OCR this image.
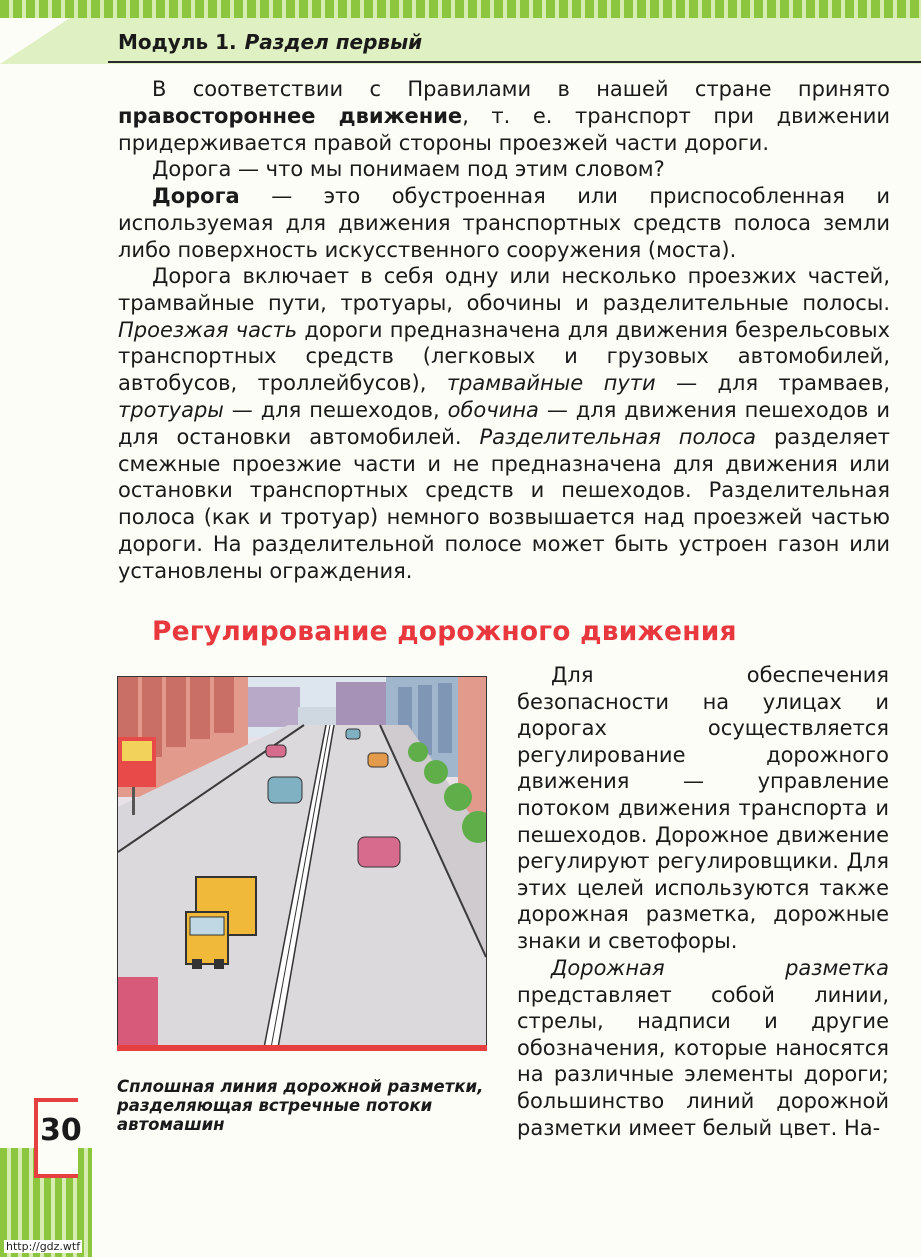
Модуль 1. Раздел первый

В соответствии с Правилами в нашей стране принято правостороннее движение, т. е. транспорт при движении придерживается правой стороны проезжей части дороги.

Дорога — что мы понимаем под этим словом?

Дорога — это обустроенная или приспособленная и используемая для движения транспортных средств полоса земли либо поверхность искусственного сооружения (моста).

Дорога включает в себя одну или несколько проезжих частей, трамвайные пути, тротуары, обочины и разделительные полосы. Проезжая часть дороги предназначена для движения безрельсовых транспортных средств (легковых и грузовых автомобилей, автобусов, троллейбусов), трамвайные пути — для трамваев, тротуары — для пешеходов, обочина — для движения пешеходов и для остановки автомобилей. Разделительная полоса разделяет смежные проезжие части и не предназначена для движения или остановки транспортных средств и пешеходов. Разделительная полоса (как и тротуар) немного возвышается над проезжей частью дороги. На разделительной полосе может быть устроен газон или установлены ограждения.

Регулирование дорожного движения
Сплошная линия дорожной разметки, разделяющая встречные потоки автомашин

Для обеспечения безопасности на улицах и дорогах осуществляется регулирование дорожного движения — управление потоком движения транспорта и пешеходов. Дорожное движение регулируют регулировщики. Для этих целей используются также дорожная разметка, дорожные знаки и светофоры.

Дорожная разметка представляет собой линии, стрелы, надписи и другие обозначения, которые наносятся на различные элементы дороги; большинство линий дорожной разметки имеет белый цвет. На-

30
http://gdz.wtf
